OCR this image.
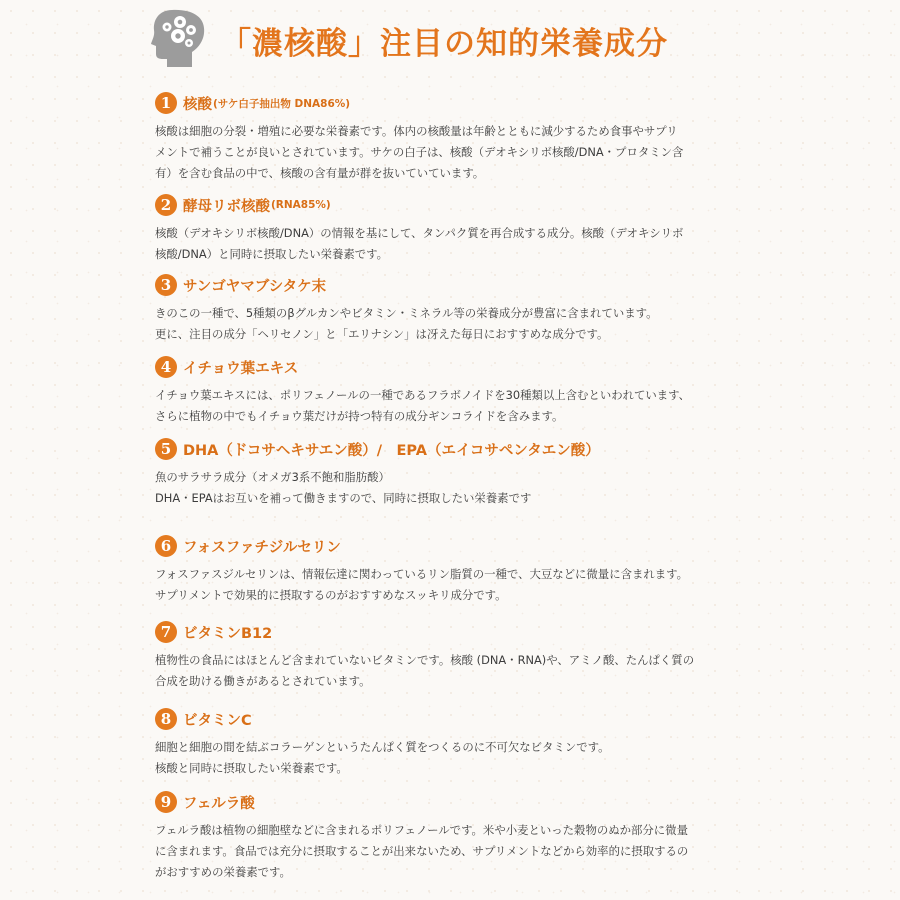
「濃核酸」注目の知的栄養成分
1 核酸 (サケ白子抽出物 DNA86%)
核酸は細胞の分裂・増殖に必要な栄養素です。体内の核酸量は年齢とともに減少するため食事やサプリ
メントで補うことが良いとされています。サケの白子は、核酸（デオキシリボ核酸/DNA・プロタミン含
有）を含む食品の中で、核酸の含有量が群を抜いていています。
2 酵母リボ核酸 (RNA85%)
核酸（デオキシリボ核酸/DNA）の情報を基にして、タンパク質を再合成する成分。核酸（デオキシリボ
核酸/DNA）と同時に摂取したい栄養素です。
3 サンゴヤマブシタケ末
きのこの一種で、5種類のβグルカンやビタミン・ミネラル等の栄養成分が豊富に含まれています。
更に、注目の成分「ヘリセノン」と「エリナシン」は冴えた毎日におすすめな成分です。
4 イチョウ葉エキス
イチョウ葉エキスには、ポリフェノールの一種であるフラボノイドを30種類以上含むといわれています、
さらに植物の中でもイチョウ葉だけが持つ特有の成分ギンコライドを含みます。
5 DHA（ドコサヘキサエン酸）/　EPA（エイコサペンタエン酸）
魚のサラサラ成分（オメガ3系不飽和脂肪酸）
DHA・EPAはお互いを補って働きますので、同時に摂取したい栄養素です
6 フォスファチジルセリン
フォスファスジルセリンは、情報伝達に関わっているリン脂質の一種で、大豆などに微量に含まれます。
サプリメントで効果的に摂取するのがおすすめなスッキリ成分です。
7 ビタミンB12
植物性の食品にはほとんど含まれていないビタミンです。核酸 (DNA・RNA)や、アミノ酸、たんぱく質の
合成を助ける働きがあるとされています。
8 ビタミンC
細胞と細胞の間を結ぶコラーゲンというたんぱく質をつくるのに不可欠なビタミンです。
核酸と同時に摂取したい栄養素です。
9 フェルラ酸
フェルラ酸は植物の細胞壁などに含まれるポリフェノールです。米や小麦といった穀物のぬか部分に微量
に含まれます。食品では充分に摂取することが出来ないため、サプリメントなどから効率的に摂取するの
がおすすめの栄養素です。
